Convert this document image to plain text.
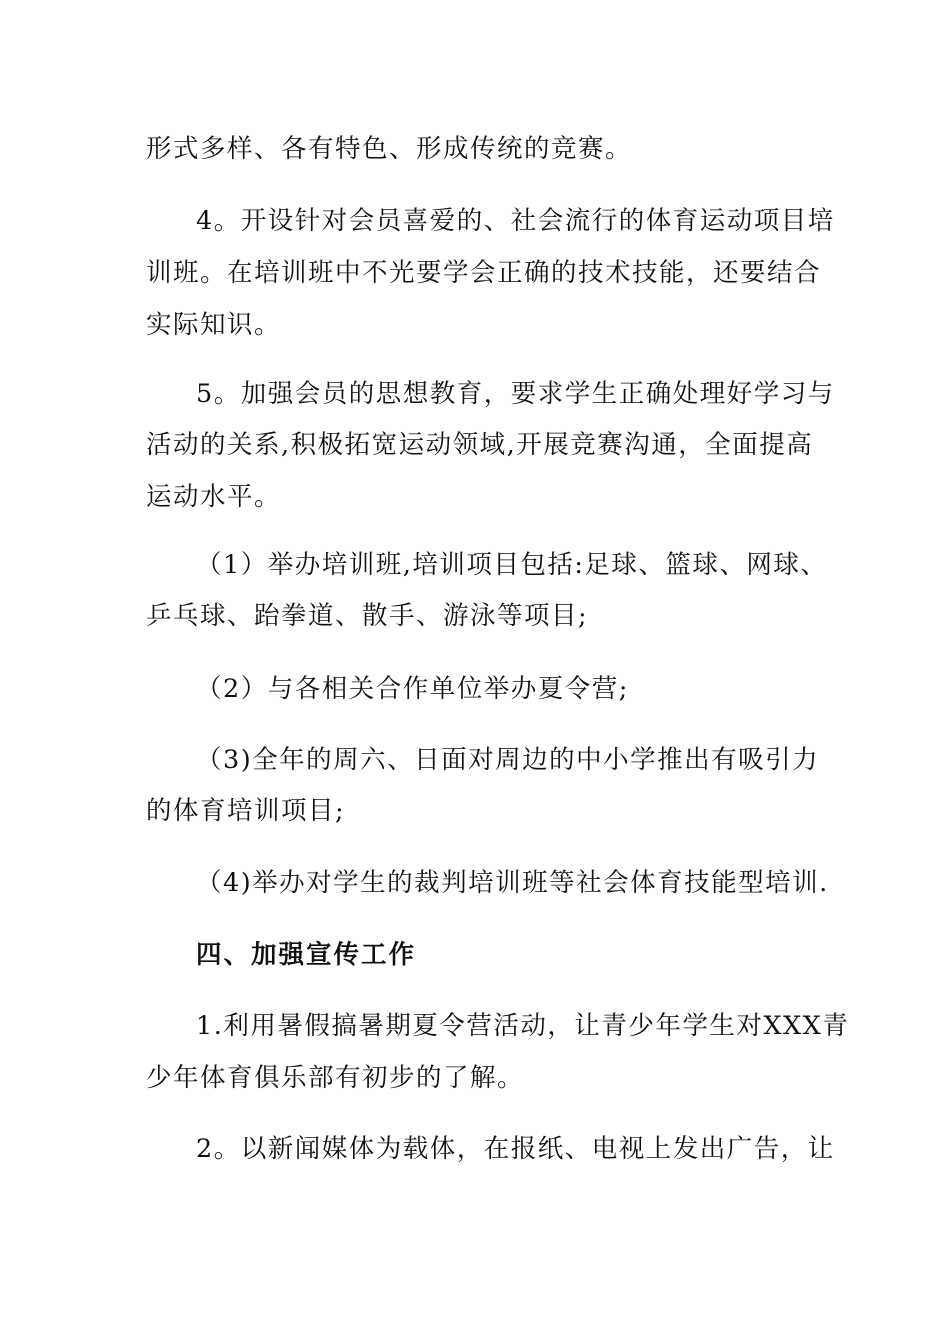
形式多样、各有特色、形成传统的竞赛。
4。开设针对会员喜爱的、社会流行的体育运动项目培
训班。在培训班中不光要学会正确的技术技能，还要结合
实际知识。
5。加强会员的思想教育，要求学生正确处理好学习与
活动的关系,积极拓宽运动领域,开展竞赛沟通，全面提高
运动水平。
（1）举办培训班,培训项目包括:足球、篮球、网球、
乒乓球、跆拳道、散手、游泳等项目;
（2）与各相关合作单位举办夏令营;
（3)全年的周六、日面对周边的中小学推出有吸引力
的体育培训项目;
（4)举办对学生的裁判培训班等社会体育技能型培训.
四、加强宣传工作
1.利用暑假搞暑期夏令营活动，让青少年学生对XXX青
少年体育俱乐部有初步的了解。
2。以新闻媒体为载体，在报纸、电视上发出广告，让
